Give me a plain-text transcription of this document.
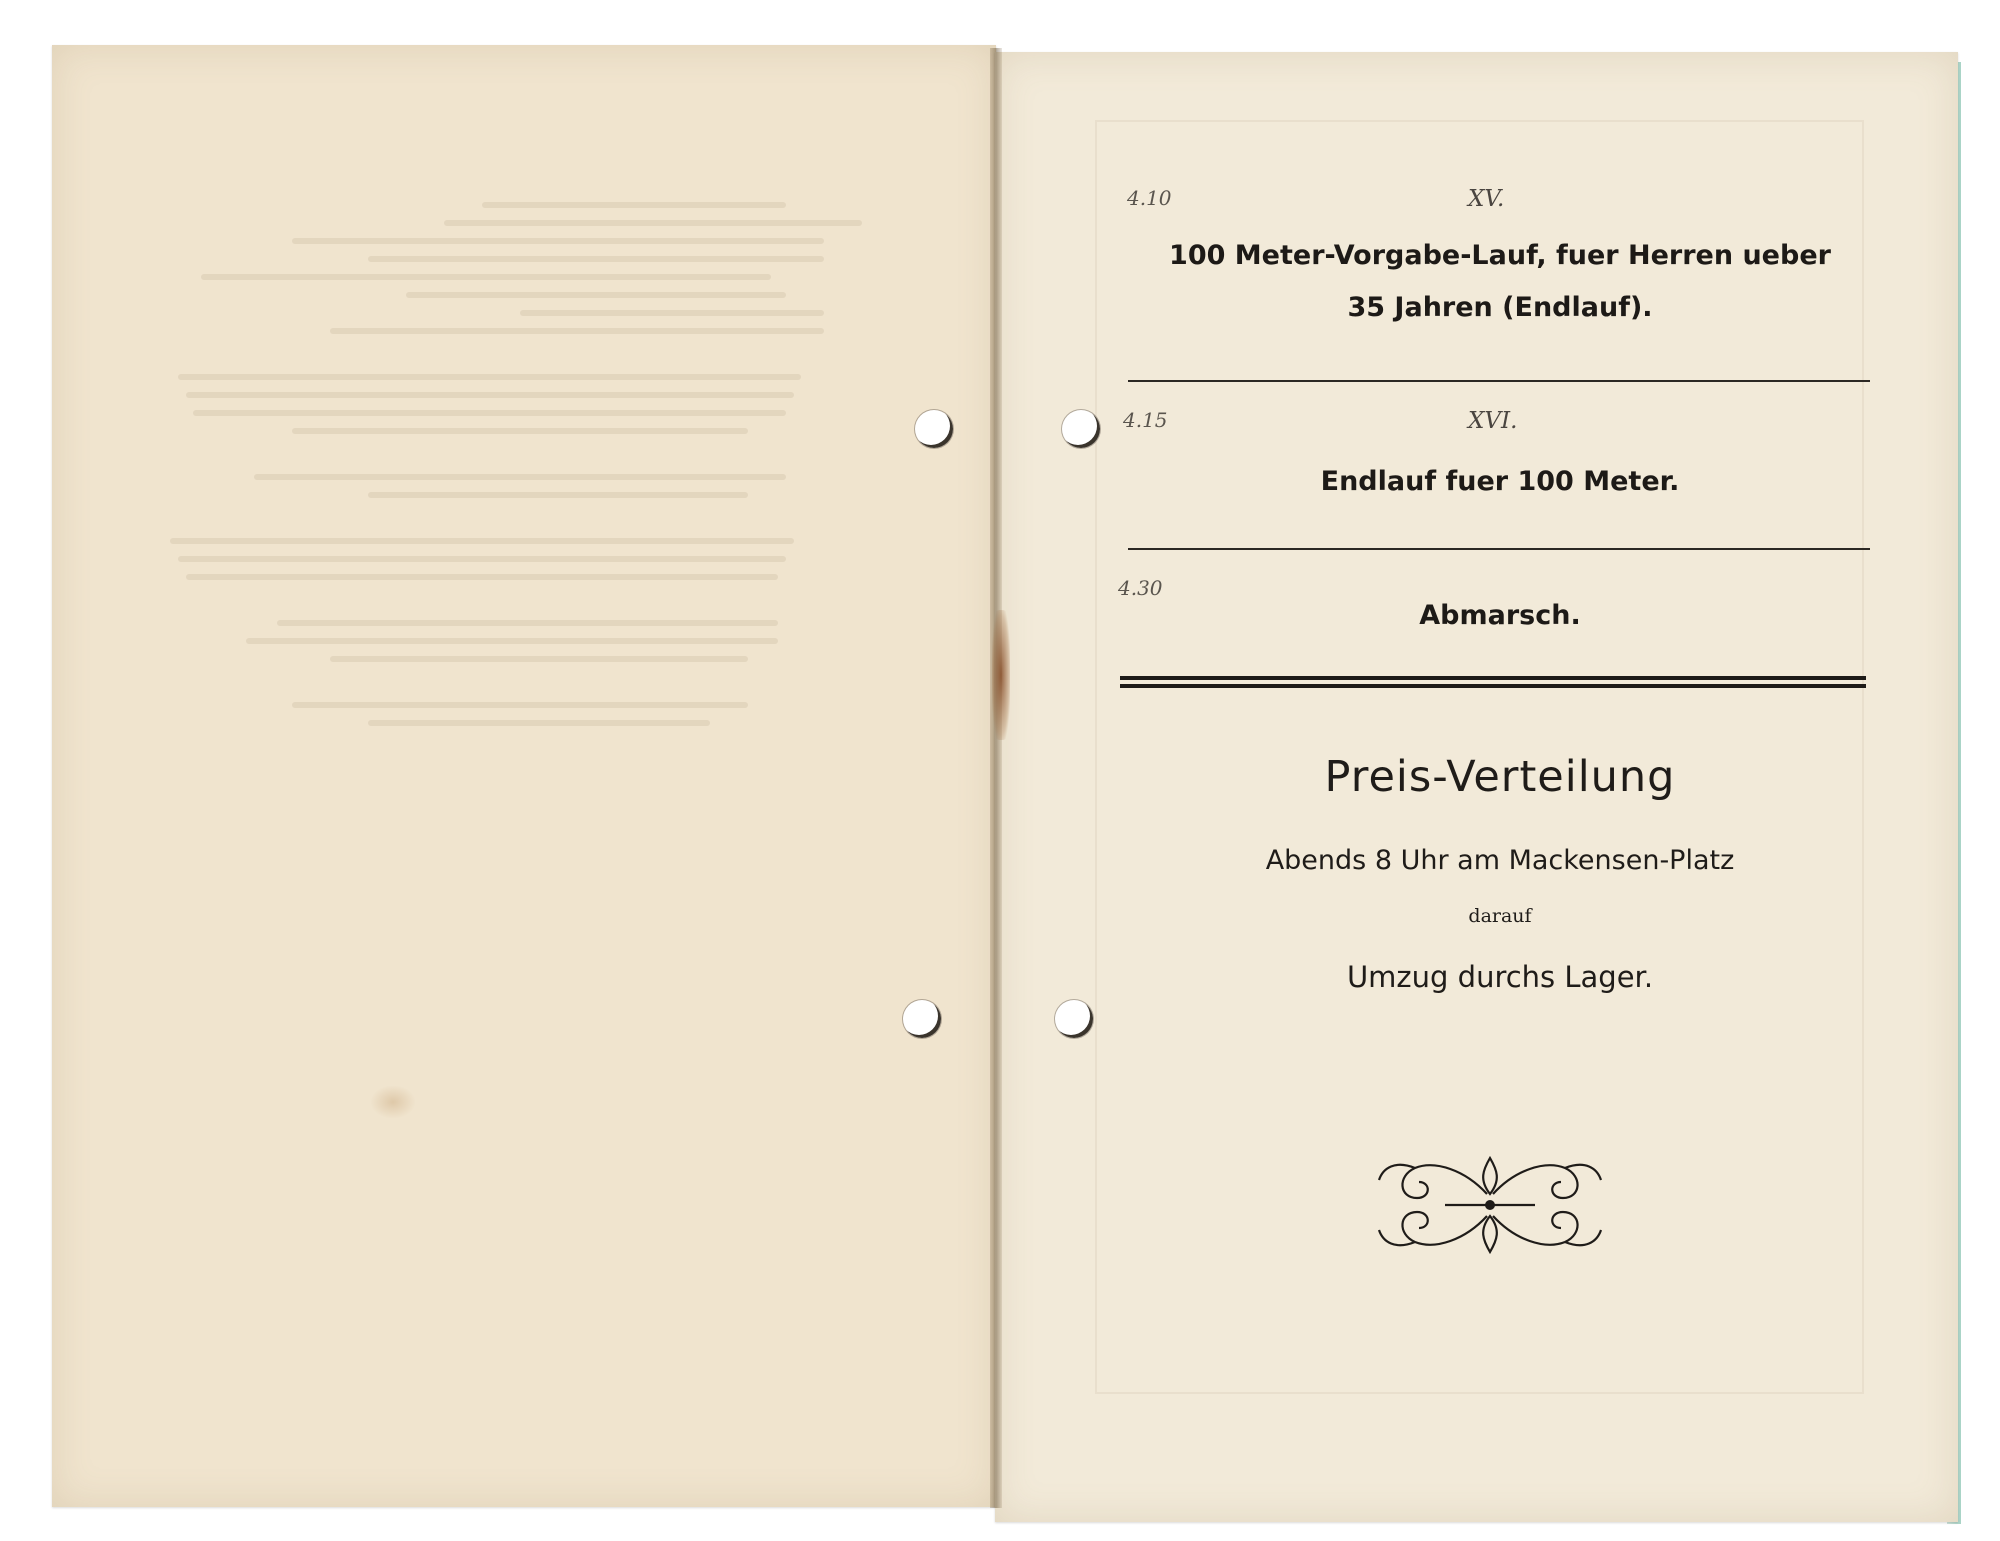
4.10	XV.
100 Meter-Vorgabe-Lauf, fuer Herren ueber
35 Jahren (Endlauf).
4.15	XVI.
Endlauf fuer 100 Meter.
4.30
Abmarsch.
Preis-Verteilung
Abends 8 Uhr am Mackensen-Platz
darauf
Umzug durchs Lager.
